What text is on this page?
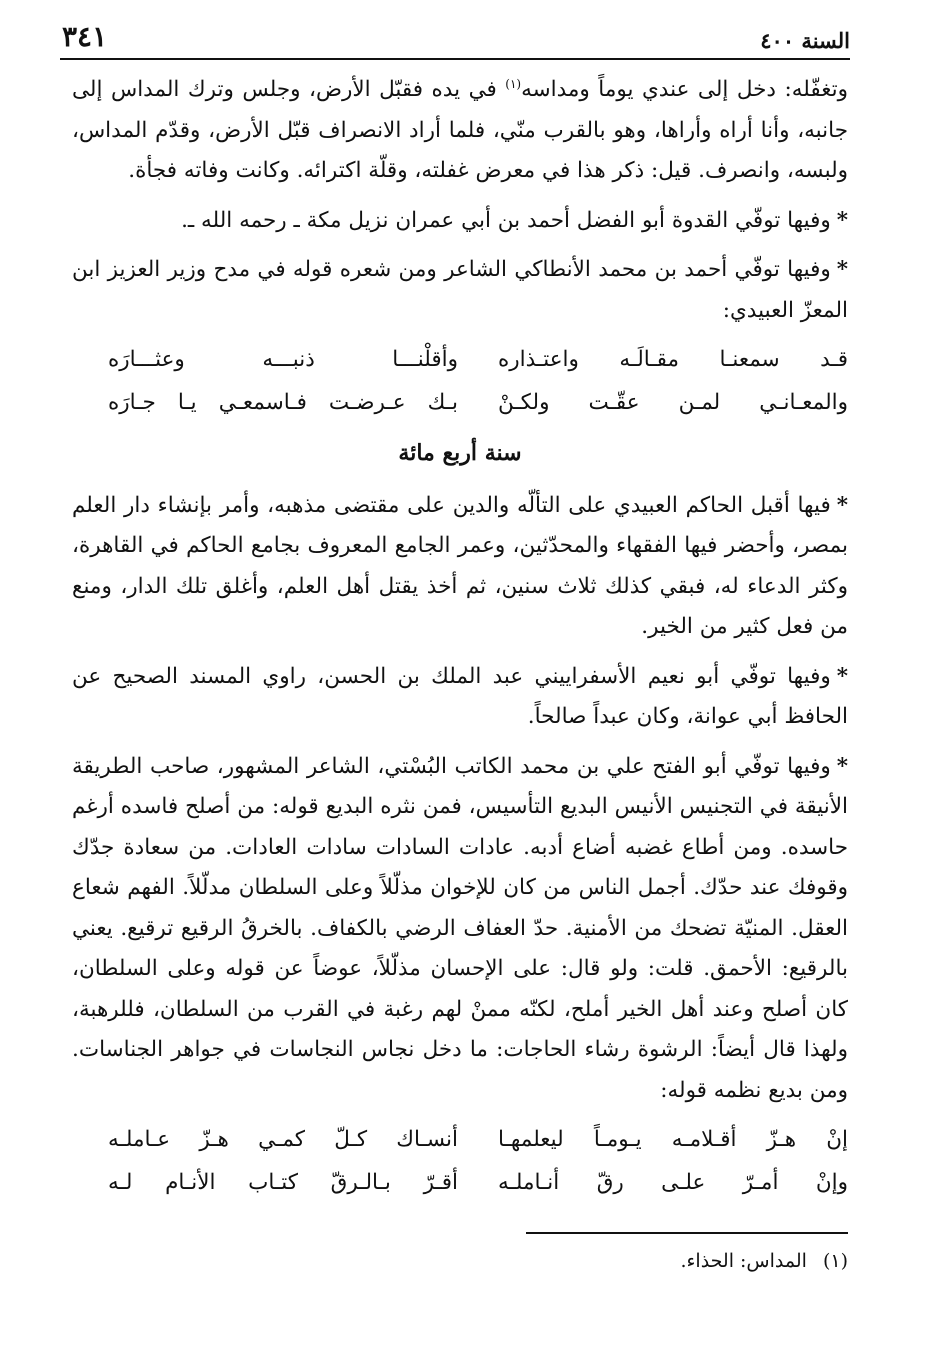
السنة ٤٠٠
٣٤١

وتغفّله: دخل إلى عندي يوماً ومداسه$^{(١)}$ في يده فقبّل الأرض، وجلس وترك المداس إلى جانبه، وأنا أراه وأراها، وهو بالقرب منّي، فلما أراد الانصراف قبّل الأرض، وقدّم المداس، ولبسه، وانصرف. قيل: ذكر هذا في معرض غفلته، وقلّة اكترائه. وكانت وفاته فجأة.

*وفيها توفّي القدوة أبو الفضل أحمد بن أبي عمران نزيل مكة ـ رحمه الله ـ.

*وفيها توفّي أحمد بن محمد الأنطاكي الشاعر ومن شعره قوله في مدح وزير العزيز ابن المعزّ العبيدي:

قـد سمعنـا مقـالَـه واعتـذاره
وأقلْنـــا ذنبـــه وعثـــارَه
والمعـانـي لمـن عقّـت ولكـنْ
بـك عـرضـت فـاسمعـي يـا جـارَه
سنة أربع مائة

*فيها أقبل الحاكم العبيدي على التألّه والدين على مقتضى مذهبه، وأمر بإنشاء دار العلم بمصر، وأحضر فيها الفقهاء والمحدّثين، وعمر الجامع المعروف بجامع الحاكم في القاهرة، وكثر الدعاء له، فبقي كذلك ثلاث سنين، ثم أخذ يقتل أهل العلم، وأغلق تلك الدار، ومنع من فعل كثير من الخير.

*وفيها توفّي أبو نعيم الأسفراييني عبد الملك بن الحسن، راوي المسند الصحيح عن الحافظ أبي عوانة، وكان عبداً صالحاً.

*وفيها توفّي أبو الفتح علي بن محمد الكاتب البُسْتي، الشاعر المشهور، صاحب الطريقة الأنيقة في التجنيس الأنيس البديع التأسيس، فمن نثره البديع قوله: من أصلح فاسده أرغم حاسده. ومن أطاع غضبه أضاع أدبه. عادات السادات سادات العادات. من سعادة جدّك وقوفك عند حدّك. أجمل الناس من كان للإخوان مذلّلاً وعلى السلطان مدلّلاً. الفهم شعاع العقل. المنيّة تضحك من الأمنية. حدّ العفاف الرضي بالكفاف. بالخرقُ الرقيع ترقيع. يعني بالرقيع: الأحمق. قلت: ولو قال: على الإحسان مذلّلاً، عوضاً عن قوله وعلى السلطان، كان أصلح وعند أهل الخير أملح، لكنّه ممنْ لهم رغبة في القرب من السلطان، فللرهبة، ولهذا قال أيضاً: الرشوة رشاء الحاجات: ما دخل نجاس النجاسات في جواهر الجناسات. ومن بديع نظمه قوله:

إنْ هـزّ أقـلامـه يـومـاً ليعلمهـا
أنسـاك كـلّ كمـي هـزّ عـاملـه
وإنْ أمـرّ علـى رقّ أنـاملـه
أقـرّ بـالـرقّ كتـاب الأنـام لـه
(١)المداس: الحذاء.
